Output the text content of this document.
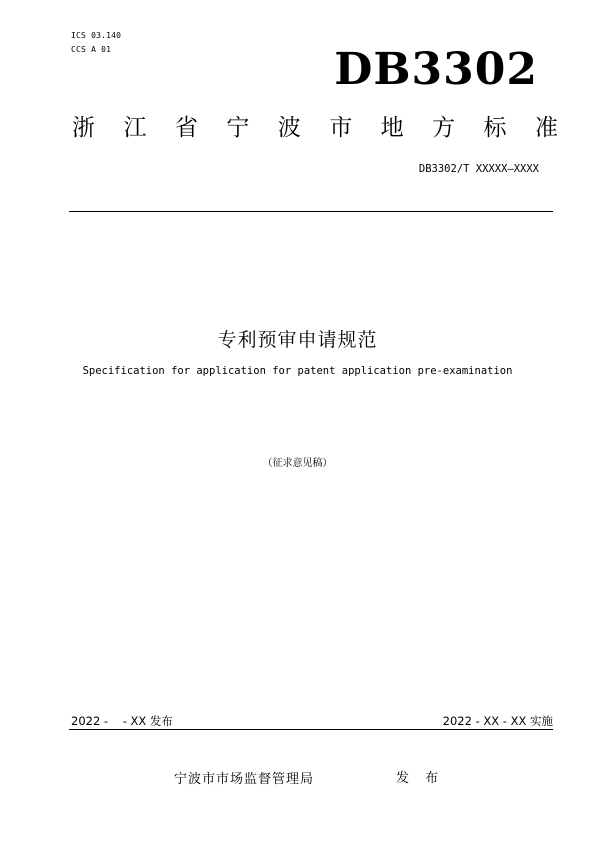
ICS 03.140
CCS A 01	DB3302
浙 江 省 宁 波 市 地 方 标 准
DB3302/T XXXXX—XXXX
专利预审申请规范
Specification for application for patent application pre-examination
（征求意见稿）
2022 -    - XX 发布	2022 - XX - XX 实施
宁波市市场监督管理局	发 布
